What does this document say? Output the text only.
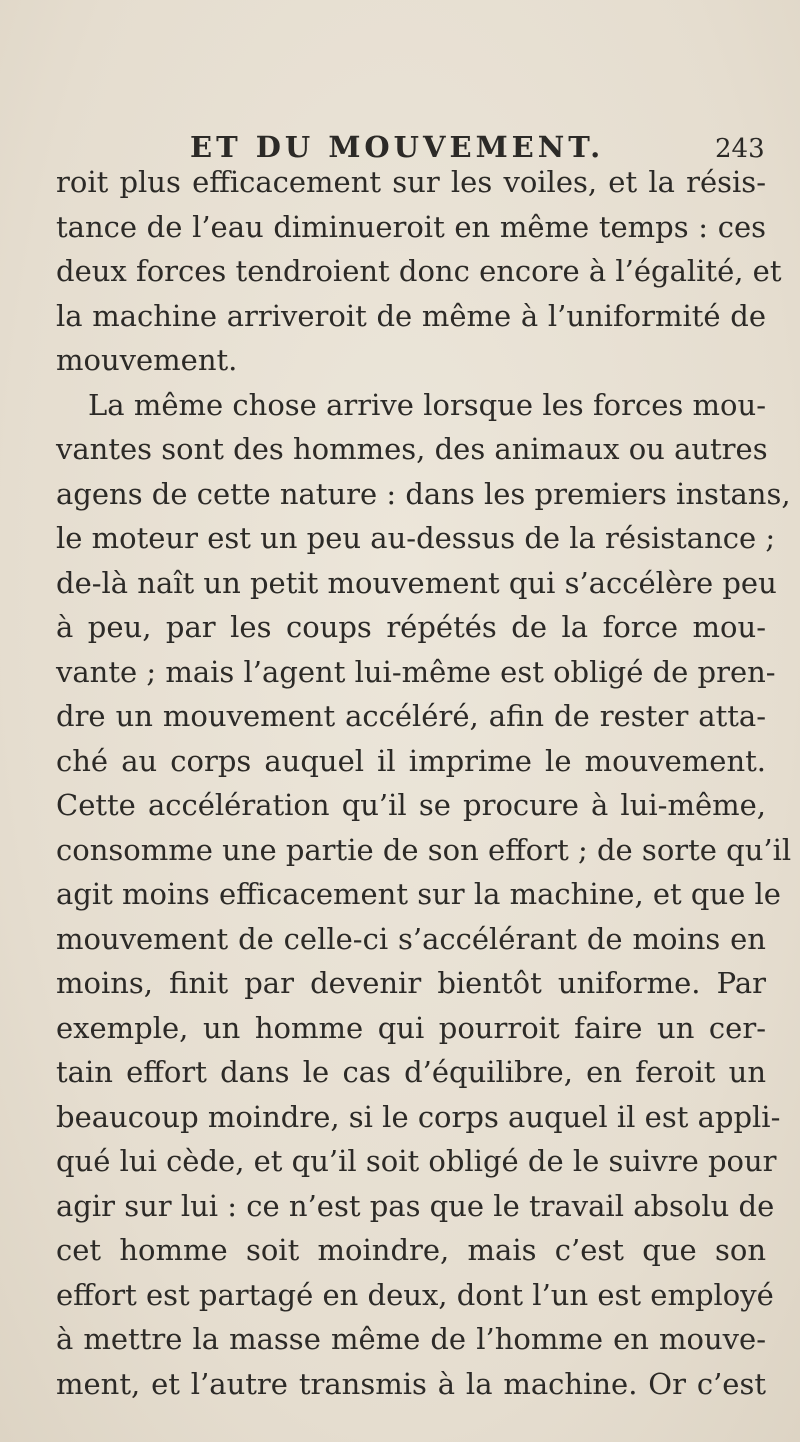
ET DU MOUVEMENT.	243
roit plus efficacement sur les voiles, et la résis-
tance de l’eau diminueroit en même temps : ces
deux forces tendroient donc encore à l’égalité, et
la machine arriveroit de même à l’uniformité de
mouvement.
La même chose arrive lorsque les forces mou-
vantes sont des hommes, des animaux ou autres
agens de cette nature : dans les premiers instans,
le moteur est un peu au-dessus de la résistance ;
de-là naît un petit mouvement qui s’accélère peu
à peu, par les coups répétés de la force mou-
vante ; mais l’agent lui-même est obligé de pren-
dre un mouvement accéléré, afin de rester atta-
ché au corps auquel il imprime le mouvement.
Cette accélération qu’il se procure à lui-même,
consomme une partie de son effort ; de sorte qu’il
agit moins efficacement sur la machine, et que le
mouvement de celle-ci s’accélérant de moins en
moins, finit par devenir bientôt uniforme. Par
exemple, un homme qui pourroit faire un cer-
tain effort dans le cas d’équilibre, en feroit un
beaucoup moindre, si le corps auquel il est appli-
qué lui cède, et qu’il soit obligé de le suivre pour
agir sur lui : ce n’est pas que le travail absolu de
cet homme soit moindre, mais c’est que son
effort est partagé en deux, dont l’un est employé
à mettre la masse même de l’homme en mouve-
ment, et l’autre transmis à la machine. Or c’est
